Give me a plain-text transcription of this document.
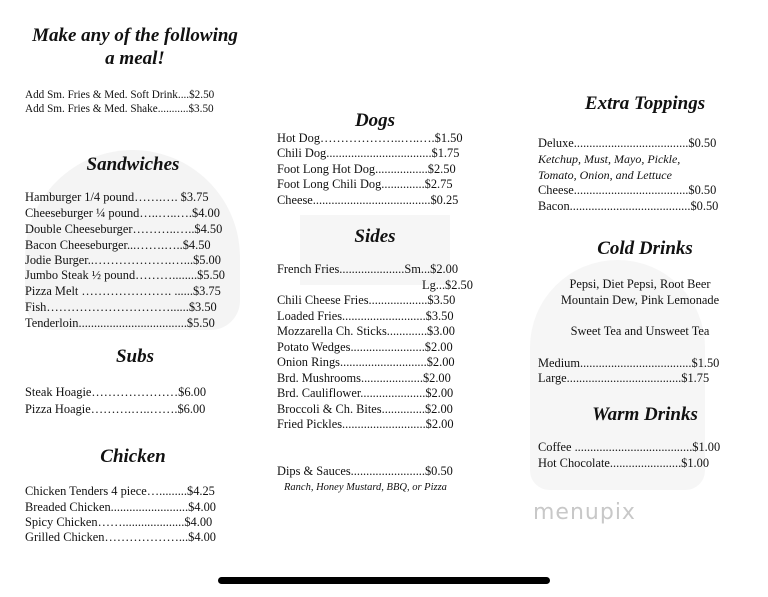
menupix
Make any of the following
a meal!
Add Sm. Fries & Med. Soft Drink....$2.50
Add Sm. Fries & Med. Shake...........$3.50
Sandwiches
Hamburger 1/4 pound…….…. $3.75
Cheeseburger ¼ pound…..…..….$4.00
Double Cheeseburger………..…..$4.50
Bacon Cheeseburger...…….…..$4.50
Jodie Burger..……………….…...$5.00
Jumbo Steak ½ pound………........$5.50
Pizza Melt …………………. ......$3.75
Fish…………………………......$3.50
Tenderloin...................................$5.50
Subs
Steak Hoagie…………………$6.00
Pizza Hoagie……….…..…….$6.00
Chicken
Chicken Tenders 4 piece….........$4.25
Breaded Chicken.........................$4.00
Spicy Chicken……....................$4.00
Grilled Chicken………………...$4.00
Dogs
Hot Dog………………..…..….$1.50
Chili Dog..................................$1.75
Foot Long Hot Dog.................$2.50
Foot Long Chili Dog..............$2.75
Cheese......................................$0.25
Sides
French Fries.....................Sm...$2.00
Lg...$2.50
Chili Cheese Fries...................$3.50
Loaded Fries...........................$3.50
Mozzarella Ch. Sticks.............$3.00
Potato Wedges........................$2.00
Onion Rings............................$2.00
Brd. Mushrooms....................$2.00
Brd. Cauliflower.....................$2.00
Broccoli & Ch. Bites..............$2.00
Fried Pickles...........................$2.00
Dips & Sauces........................$0.50
Ranch, Honey Mustard, BBQ, or Pizza
Extra Toppings
Deluxe.....................................$0.50
Ketchup, Must, Mayo, Pickle,
Tomato, Onion, and Lettuce
Cheese.....................................$0.50
Bacon.......................................$0.50
Cold Drinks
Pepsi, Diet Pepsi, Root Beer
Mountain Dew, Pink Lemonade
Sweet Tea and Unsweet Tea
Medium....................................$1.50
Large.....................................$1.75
Warm Drinks
Coffee ......................................$1.00
Hot Chocolate.......................$1.00
